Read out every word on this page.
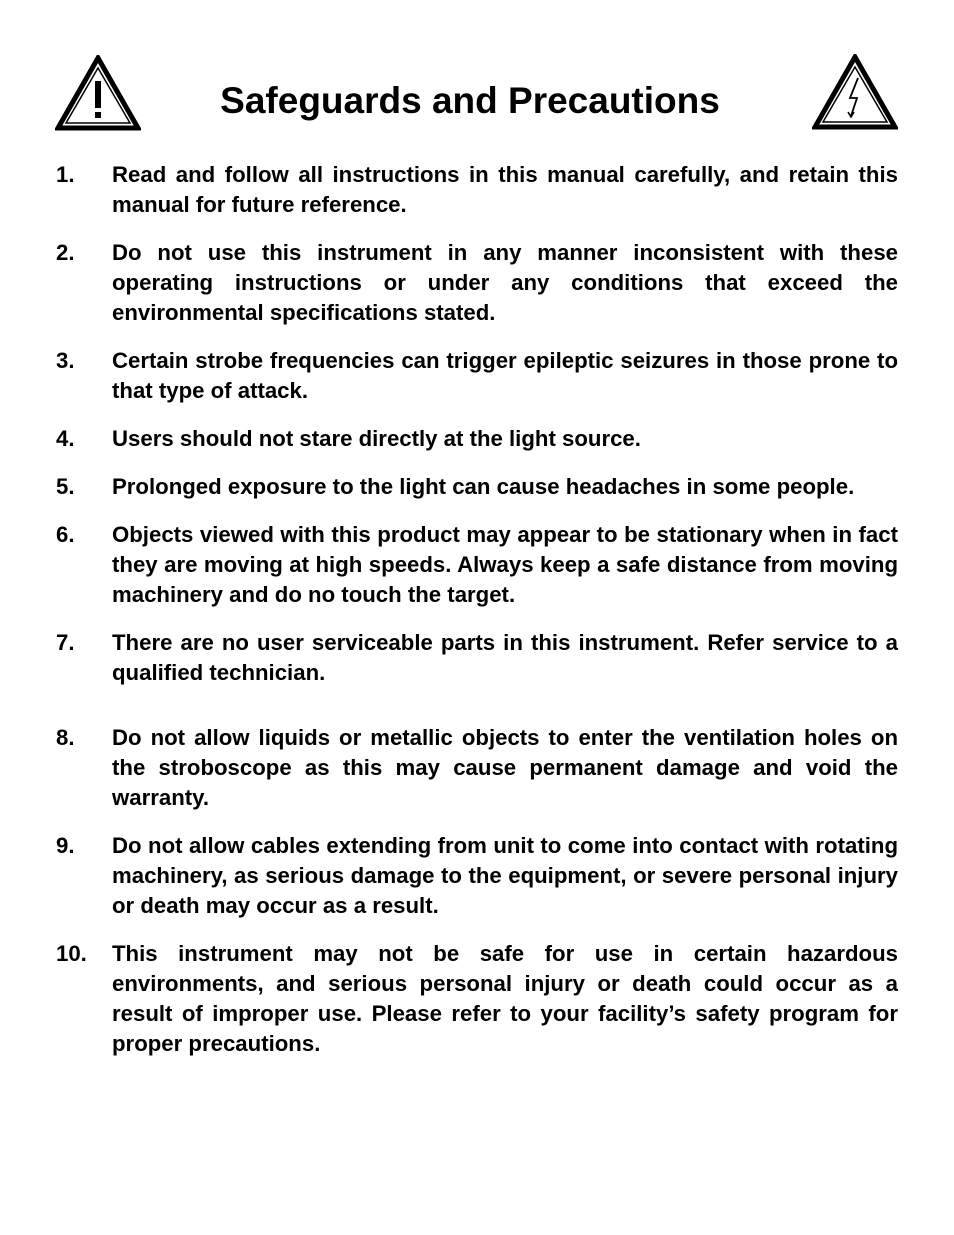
Safeguards and Precautions
1.	Read and follow all instructions in this manual carefully, and retain this manual for future reference.

2.	Do not use this instrument in any manner inconsistent with these operating instructions or under any conditions that exceed the environmental specifications stated.

3.	Certain strobe frequencies can trigger epileptic seizures in those prone to that type of attack.

4.	Users should not stare directly at the light source.

5.	Prolonged exposure to the light can cause headaches in some people.

6.	Objects viewed with this product may appear to be stationary when in fact they are moving at high speeds. Always keep a safe distance from moving machinery and do no touch the target.

7.	There are no user serviceable parts in this instrument. Refer service to a qualified technician.

8.	Do not allow liquids or metallic objects to enter the ventilation holes on the stroboscope as this may cause permanent damage and void the warranty.

9.	Do not allow cables extending from unit to come into contact with rotating machinery, as serious damage to the equipment, or severe personal injury or death may occur as a result.

10.	This instrument may not be safe for use in certain hazardous environments, and serious personal injury or death could occur as a result of improper use. Please refer to your facility’s safety program for proper precautions.
